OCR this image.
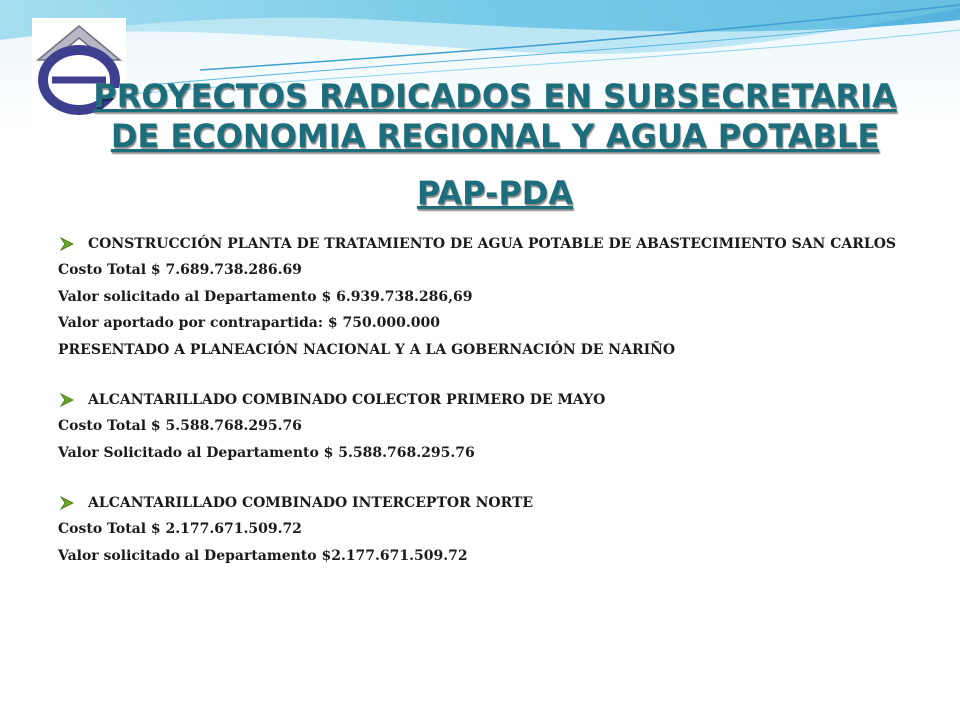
PROYECTOS RADICADOS EN SUBSECRETARIA
DE ECONOMIA REGIONAL Y AGUA POTABLE
PAP-PDA
CONSTRUCCIÓN PLANTA DE TRATAMIENTO DE AGUA POTABLE DE ABASTECIMIENTO SAN CARLOS
Costo Total $ 7.689.738.286.69
Valor solicitado al Departamento $ 6.939.738.286,69
Valor aportado por contrapartida: $ 750.000.000
PRESENTADO A PLANEACIÓN NACIONAL Y A LA GOBERNACIÓN DE NARIÑO
ALCANTARILLADO COMBINADO COLECTOR PRIMERO DE MAYO
Costo Total $ 5.588.768.295.76
Valor Solicitado al Departamento $ 5.588.768.295.76
ALCANTARILLADO COMBINADO INTERCEPTOR NORTE
Costo Total $ 2.177.671.509.72
Valor solicitado al Departamento $2.177.671.509.72
